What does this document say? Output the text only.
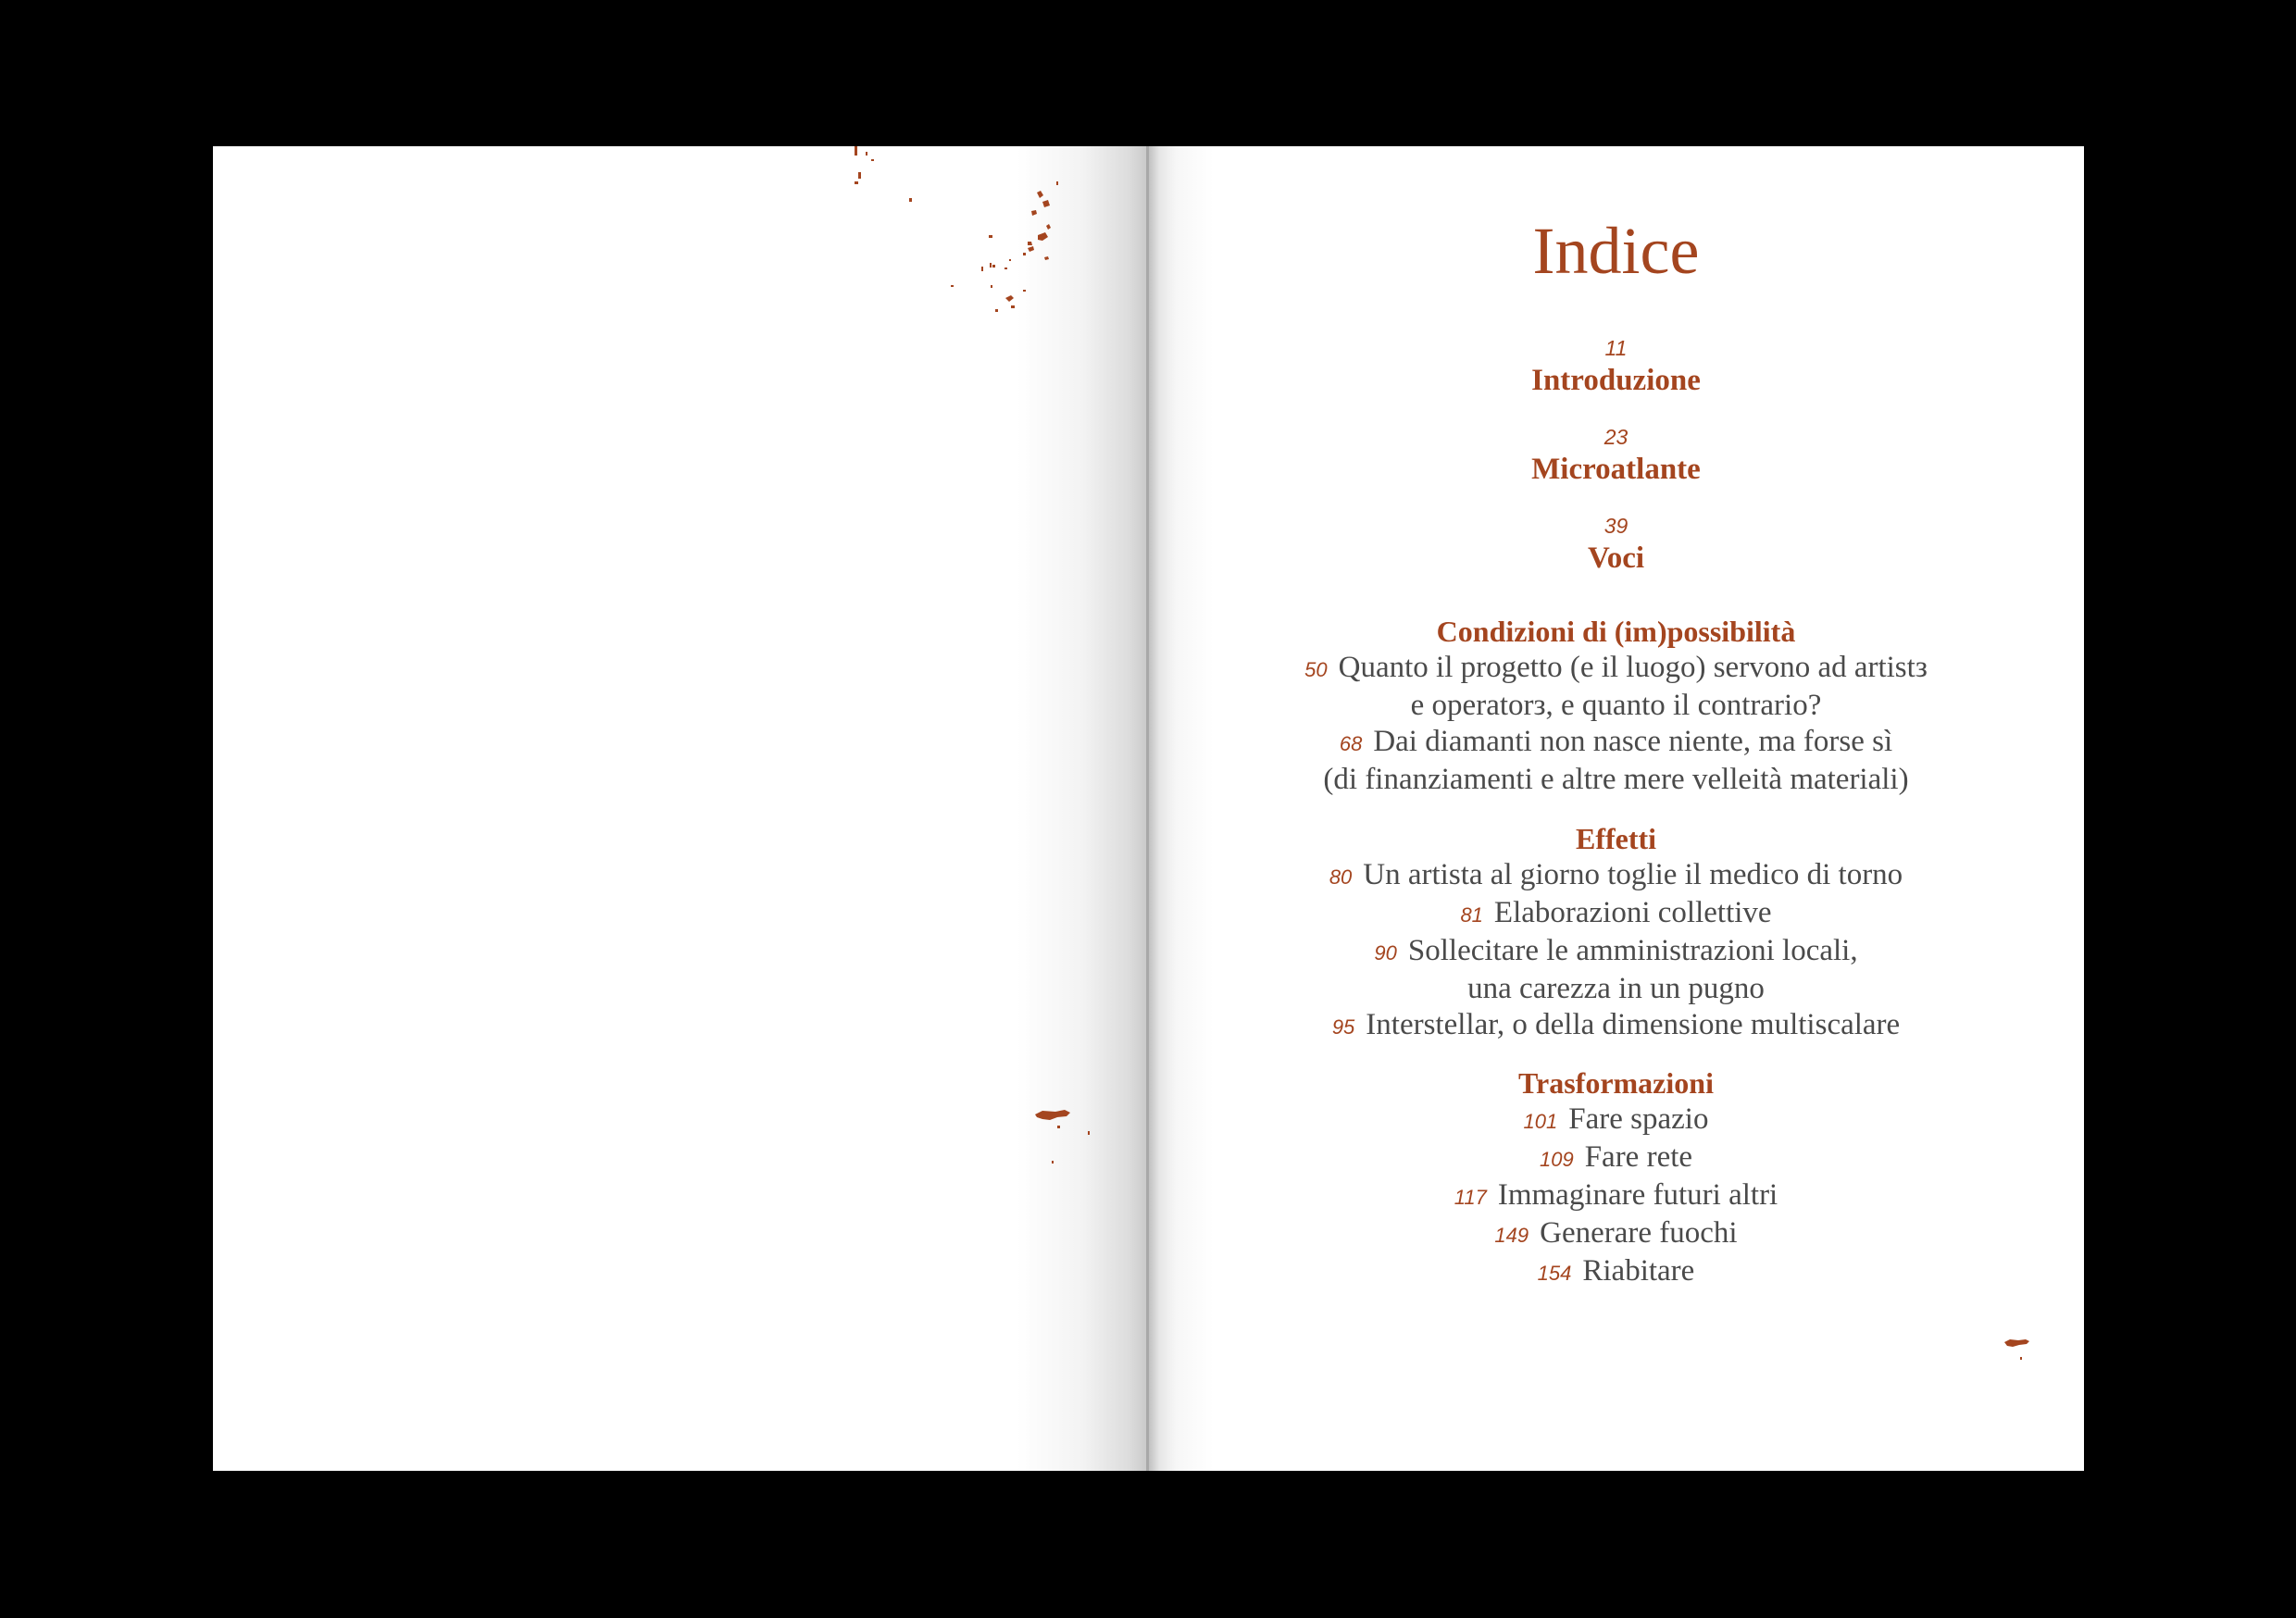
Indice
11
Introduzione
23
Microatlante
39
Voci
Condizioni di (im)possibilità
50 Quanto il progetto (e il luogo) servono ad artistз
e operatorз, e quanto il contrario?
68 Dai diamanti non nasce niente, ma forse sì
(di finanziamenti e altre mere velleità materiali)
Effetti
80 Un artista al giorno toglie il medico di torno
81 Elaborazioni collettive
90 Sollecitare le amministrazioni locali,
una carezza in un pugno
95 Interstellar, o della dimensione multiscalare
Trasformazioni
101 Fare spazio
109 Fare rete
117 Immaginare futuri altri
149 Generare fuochi
154 Riabitare
